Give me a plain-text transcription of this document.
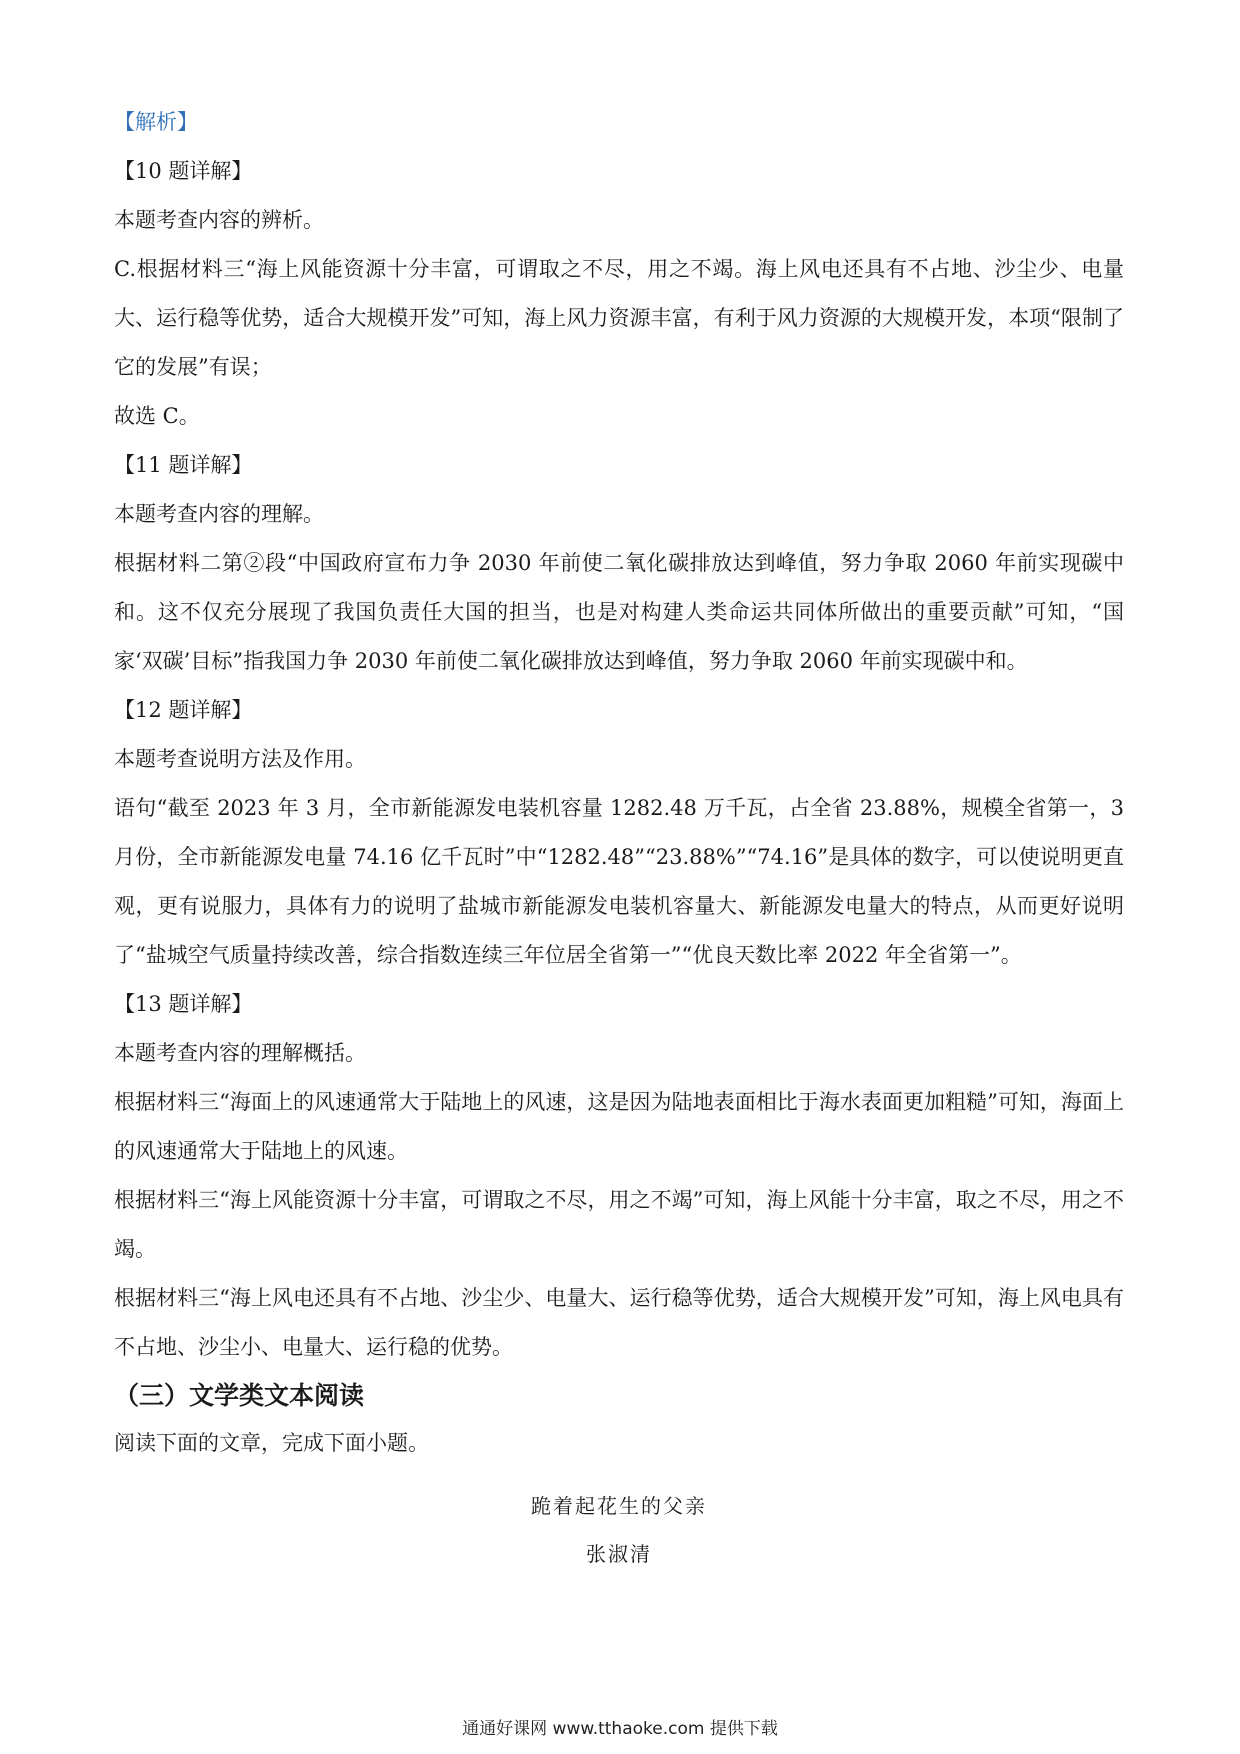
【解析】

【10 题详解】

本题考查内容的辨析。

C.根据材料三“海上风能资源十分丰富，可谓取之不尽，用之不竭。海上风电还具有不占地、沙尘少、电量大、运行稳等优势，适合大规模开发”可知，海上风力资源丰富，有利于风力资源的大规模开发，本项“限制了它的发展”有误；

故选 C。

【11 题详解】

本题考查内容的理解。

根据材料二第②段“中国政府宣布力争 2030 年前使二氧化碳排放达到峰值，努力争取 2060 年前实现碳中和。这不仅充分展现了我国负责任大国的担当，也是对构建人类命运共同体所做出的重要贡献”可知，“国家‘双碳’目标”指我国力争 2030 年前使二氧化碳排放达到峰值，努力争取 2060 年前实现碳中和。

【12 题详解】

本题考查说明方法及作用。

语句“截至 2023 年 3 月，全市新能源发电装机容量 1282.48 万千瓦，占全省 23.88%，规模全省第一，3 月份，全市新能源发电量 74.16 亿千瓦时”中“1282.48”“23.88%”“74.16”是具体的数字，可以使说明更直观，更有说服力，具体有力的说明了盐城市新能源发电装机容量大、新能源发电量大的特点，从而更好说明了“盐城空气质量持续改善，综合指数连续三年位居全省第一”“优良天数比率 2022 年全省第一”。

【13 题详解】

本题考查内容的理解概括。

根据材料三“海面上的风速通常大于陆地上的风速，这是因为陆地表面相比于海水表面更加粗糙”可知，海面上的风速通常大于陆地上的风速。

根据材料三“海上风能资源十分丰富，可谓取之不尽，用之不竭”可知，海上风能十分丰富，取之不尽，用之不竭。

根据材料三“海上风电还具有不占地、沙尘少、电量大、运行稳等优势，适合大规模开发”可知，海上风电具有不占地、沙尘小、电量大、运行稳的优势。

（三）文学类文本阅读

阅读下面的文章，完成下面小题。

跪着起花生的父亲
张淑清
通通好课网 www.tthaoke.com 提供下载
